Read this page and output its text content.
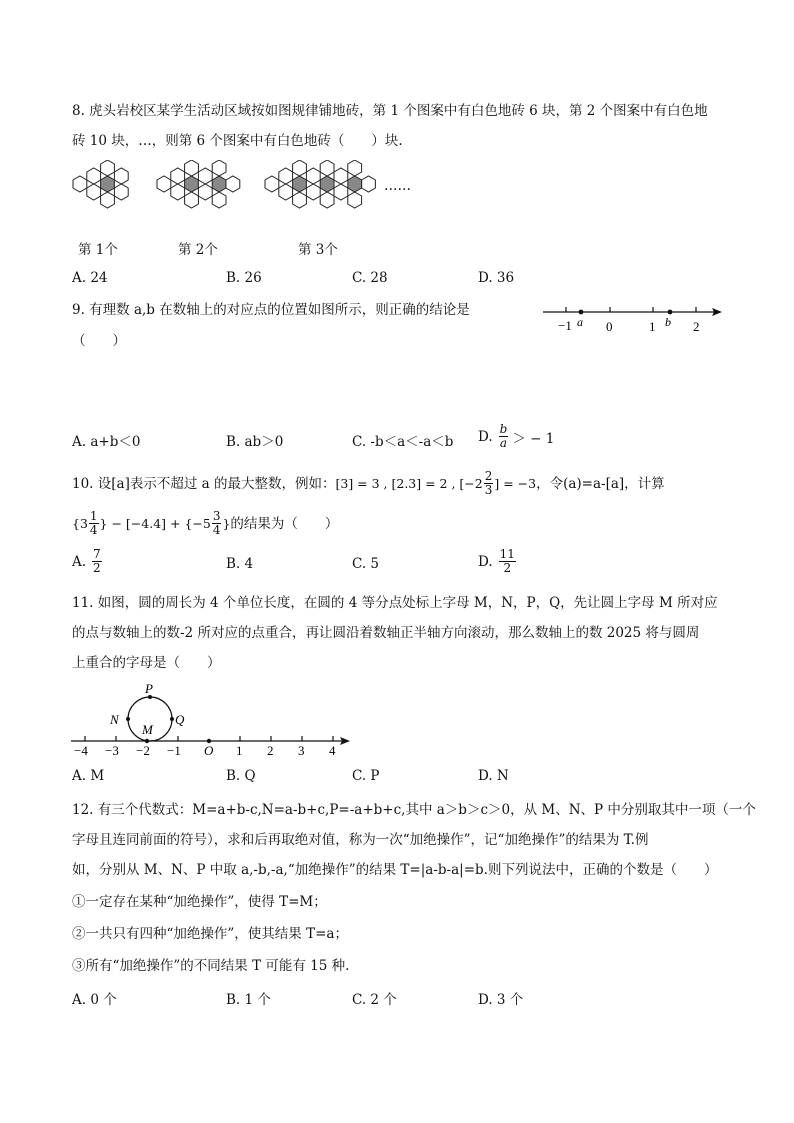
8. 虎头岩校区某学生活动区域按如图规律铺地砖，第 1 个图案中有白色地砖 6 块，第 2 个图案中有白色地
砖 10 块，…，则第 6 个图案中有白色地砖（　　）块.
……
第 1个	第 2个	第 3个
A. 24	B. 26	C. 28	D. 36
9. 有理数 a,b 在数轴上的对应点的位置如图所示，则正确的结论是
（　　）
−1	0	1	2
a	b
A. a+b＜0	B. ab＞0	C. -b＜a＜-a＜b D. $\frac{b}{a}$ ＞ − 1
10. 设[a]表示不超过 a 的最大整数，例如： [3] = 3 , [2.3] = 2 , [$-2 \frac{2}{3}$ ] = −3 ，令(a)=a-[a]，计算
{$3 \frac{1}{4}$ } − $[-4.4] + \{-5 \frac{3}{4}$ } 的结果为（　　）
A. $\frac{7}{2}$	B. 4	C. 5	D. $\frac{11}{2}$
11. 如图，圆的周长为 4 个单位长度，在圆的 4 等分点处标上字母 M，N，P，Q，先让圆上字母 M 所对应
的点与数轴上的数-2 所对应的点重合，再让圆沿着数轴正半轴方向滚动，那么数轴上的数 2025 将与圆周
上重合的字母是（　　）
P
N	Q
M
−4 −3 −2 −1 O 1 2 3 4
A. M	B. Q	C. P	D. N
12. 有三个代数式：M=a+b-c,N=a-b+c,P=-a+b+c,其中 a＞b＞c＞0，从 M、N、P 中分别取其中一项（一个
字母且连同前面的符号），求和后再取绝对值，称为一次“加绝操作”，记“加绝操作”的结果为 T.例
如，分别从 M、N、P 中取 a,-b,-a,“加绝操作”的结果 T=|a-b-a|=b.则下列说法中，正确的个数是（　　）
①一定存在某种“加绝操作”，使得 T=M；
②一共只有四种“加绝操作”，使其结果 T=a；
③所有“加绝操作”的不同结果 T 可能有 15 种.
A. 0 个	B. 1 个	C. 2 个	D. 3 个
